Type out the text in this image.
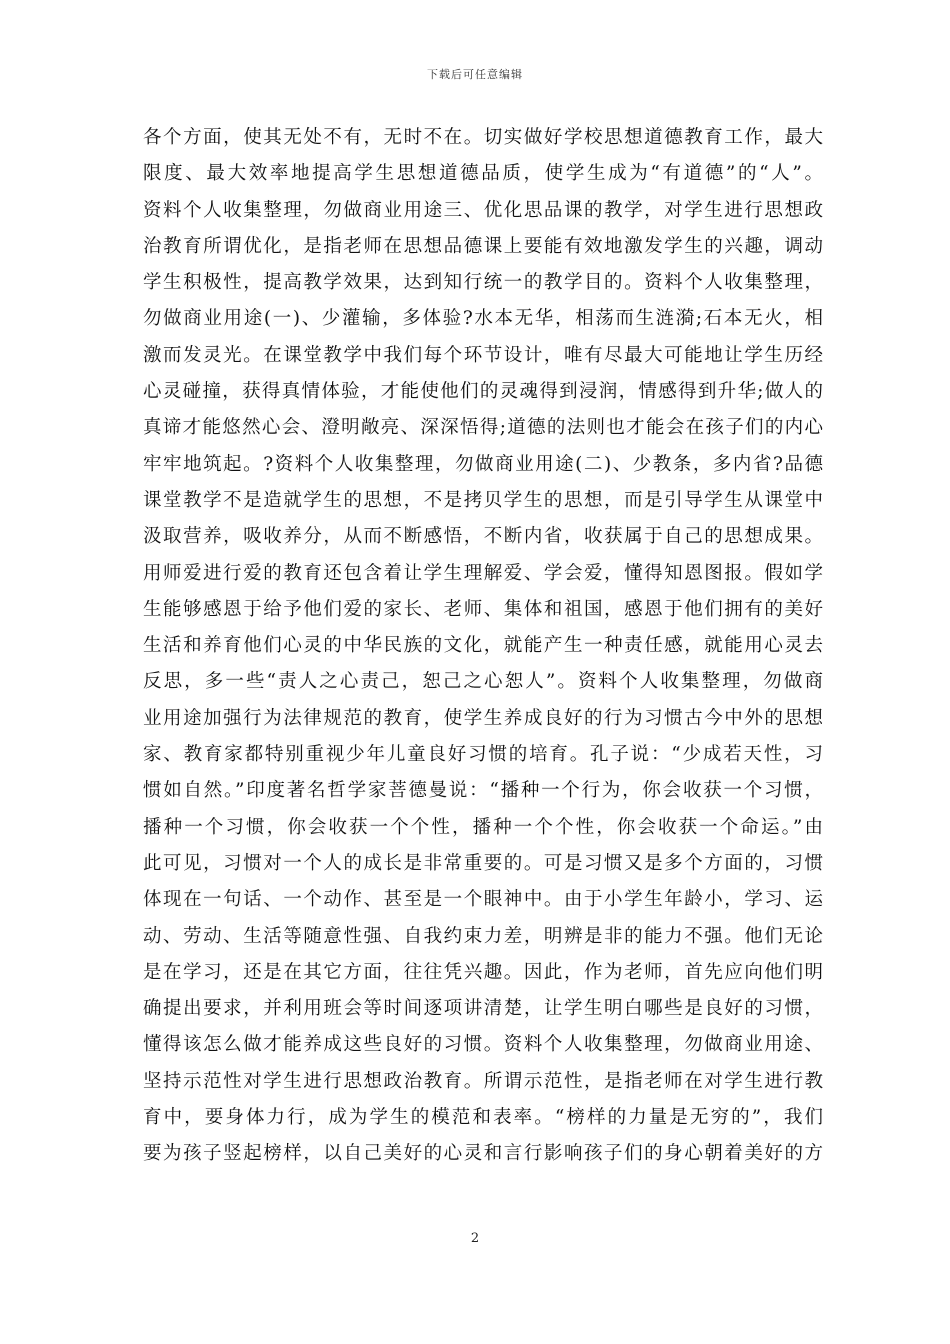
下载后可任意编辑
各个方面，使其无处不有，无时不在。切实做好学校思想道德教育工作，最大
限度、最大效率地提高学生思想道德品质，使学生成为“有道德”的“人”。
资料个人收集整理，勿做商业用途三、优化思品课的教学，对学生进行思想政
治教育所谓优化，是指老师在思想品德课上要能有效地激发学生的兴趣，调动
学生积极性，提高教学效果，达到知行统一的教学目的。资料个人收集整理，
勿做商业用途(一)、少灌输，多体验?水本无华，相荡而生涟漪;石本无火，相
激而发灵光。在课堂教学中我们每个环节设计，唯有尽最大可能地让学生历经
心灵碰撞，获得真情体验，才能使他们的灵魂得到浸润，情感得到升华;做人的
真谛才能悠然心会、澄明敞亮、深深悟得;道德的法则也才能会在孩子们的内心
牢牢地筑起。?资料个人收集整理，勿做商业用途(二)、少教条，多内省?品德
课堂教学不是造就学生的思想，不是拷贝学生的思想，而是引导学生从课堂中
汲取营养，吸收养分，从而不断感悟，不断内省，收获属于自己的思想成果。
用师爱进行爱的教育还包含着让学生理解爱、学会爱，懂得知恩图报。假如学
生能够感恩于给予他们爱的家长、老师、集体和祖国，感恩于他们拥有的美好
生活和养育他们心灵的中华民族的文化，就能产生一种责任感，就能用心灵去
反思，多一些“责人之心责己，恕己之心恕人”。资料个人收集整理，勿做商
业用途加强行为法律规范的教育，使学生养成良好的行为习惯古今中外的思想
家、教育家都特别重视少年儿童良好习惯的培育。孔子说：“少成若天性，习
惯如自然。”印度著名哲学家菩德曼说：“播种一个行为，你会收获一个习惯，
播种一个习惯，你会收获一个个性，播种一个个性，你会收获一个命运。”由
此可见，习惯对一个人的成长是非常重要的。可是习惯又是多个方面的，习惯
体现在一句话、一个动作、甚至是一个眼神中。由于小学生年龄小，学习、运
动、劳动、生活等随意性强、自我约束力差，明辨是非的能力不强。他们无论
是在学习，还是在其它方面，往往凭兴趣。因此，作为老师，首先应向他们明
确提出要求，并利用班会等时间逐项讲清楚，让学生明白哪些是良好的习惯，
懂得该怎么做才能养成这些良好的习惯。资料个人收集整理，勿做商业用途、
坚持示范性对学生进行思想政治教育。所谓示范性，是指老师在对学生进行教
育中，要身体力行，成为学生的模范和表率。“榜样的力量是无穷的”，我们
要为孩子竖起榜样，以自己美好的心灵和言行影响孩子们的身心朝着美好的方
2
